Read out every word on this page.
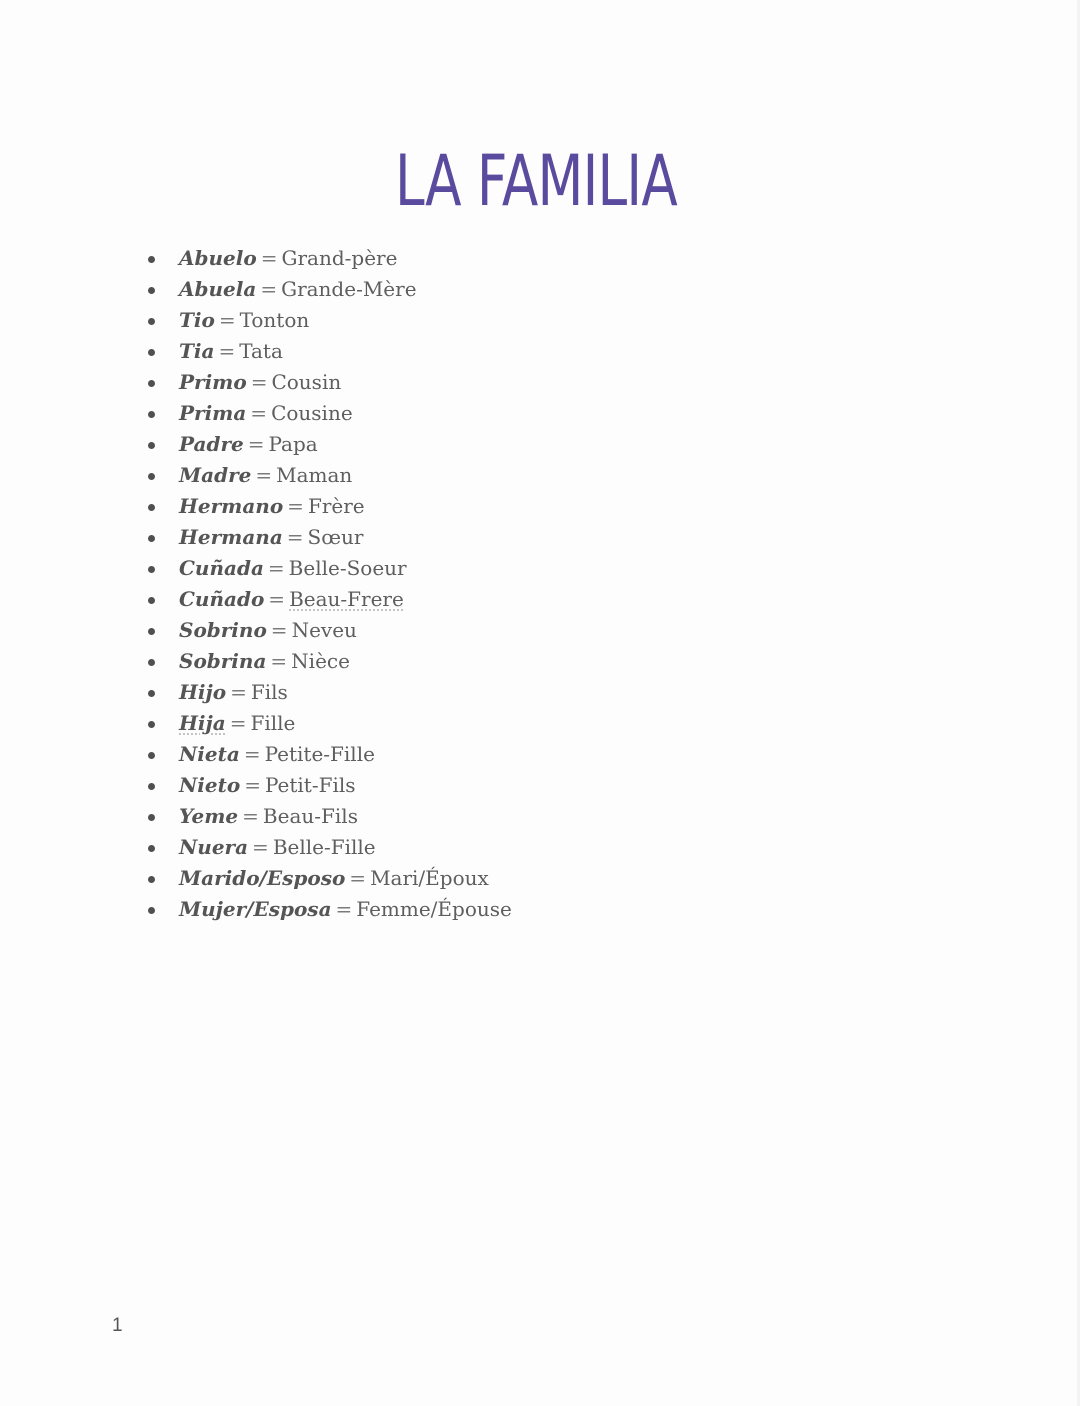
LA FAMILIA
Abuelo = Grand-père
Abuela = Grande-Mère
Tio = Tonton
Tia = Tata
Primo = Cousin
Prima = Cousine
Padre = Papa
Madre = Maman
Hermano = Frère
Hermana = Sœur
Cuñada = Belle-Soeur
Cuñado = Beau-Frere
Sobrino = Neveu
Sobrina = Nièce
Hijo = Fils
Hija = Fille
Nieta = Petite-Fille
Nieto = Petit-Fils
Yeme = Beau-Fils
Nuera = Belle-Fille
Marido/Esposo = Mari/Époux
Mujer/Esposa = Femme/Épouse
1
